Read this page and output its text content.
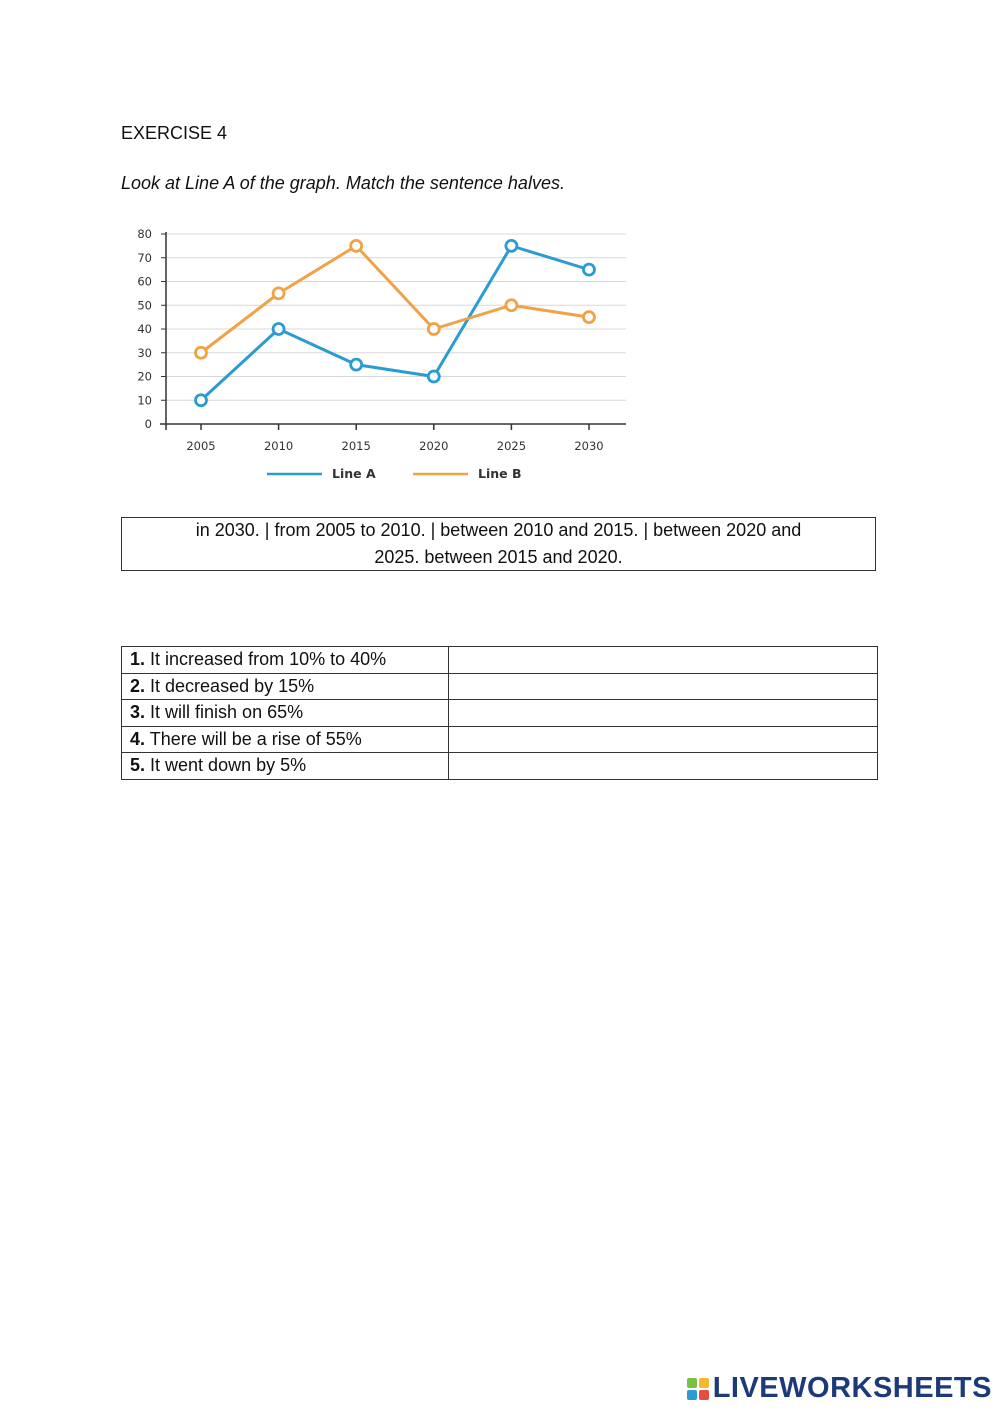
EXERCISE 4
Look at Line A of the graph. Match the sentence halves.
0
10
20
30
40
50
60
70
80
2005	2010	2015	2020	2025	2030
Line A	Line B
in 2030. | from 2005 to 2010. | between 2010 and 2015. | between 2020 and
2025. between 2015 and 2020.
1. It increased from 10% to 40%	
2. It decreased by 15%	
3. It will finish on 65%	
4. There will be a rise of 55%	
5. It went down by 5%	
LIVEWORKSHEETS
